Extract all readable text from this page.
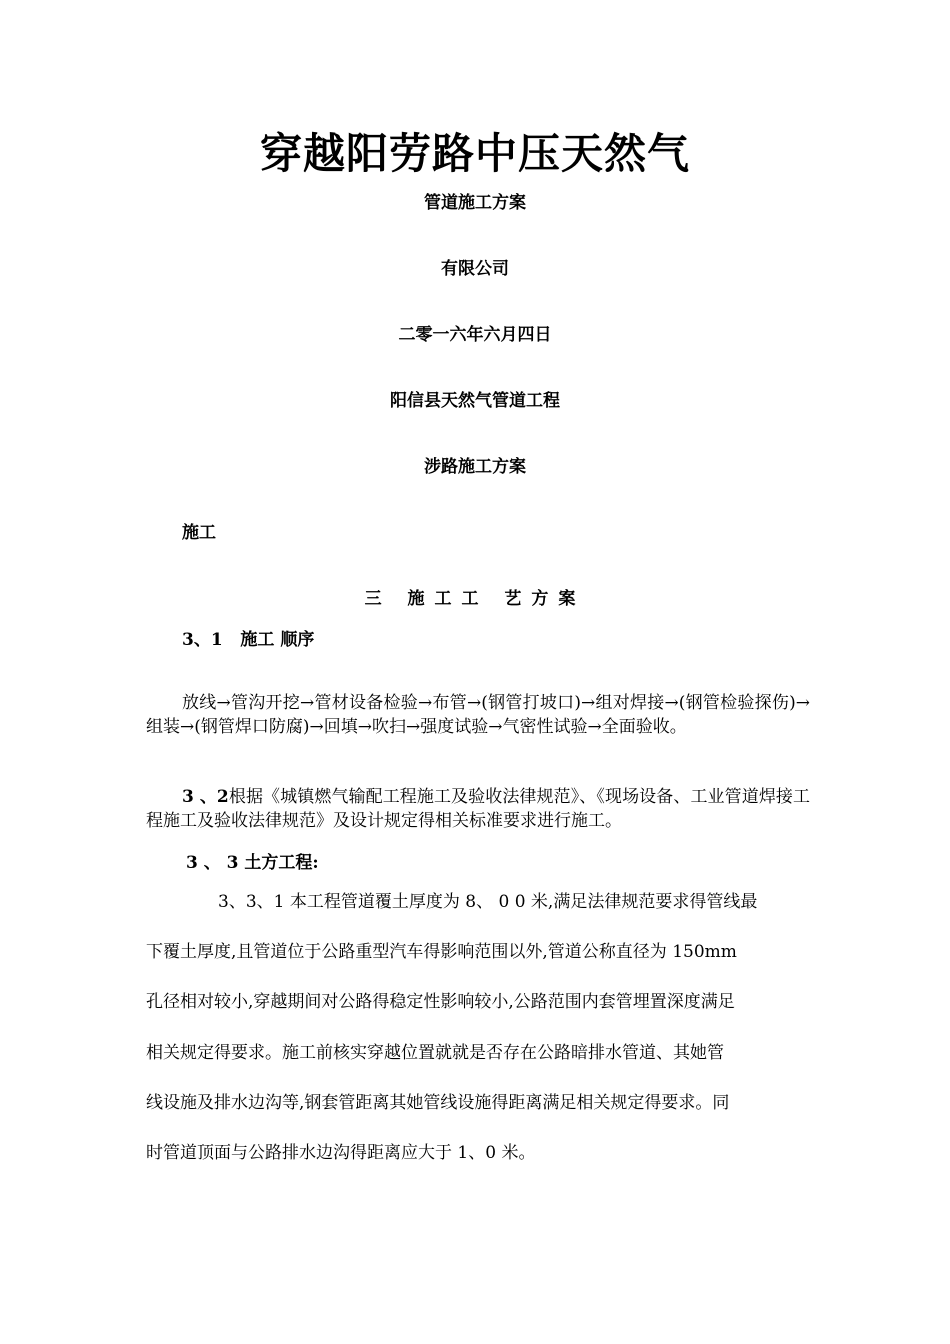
穿越阳劳路中压天然气
管道施工方案
有限公司
二零一六年六月四日
阳信县天然气管道工程
涉路施工方案
施工
三 施工工 艺方案
3、1   施工 顺序
放线→管沟开挖→管材设备检验→布管→(钢管打坡口)→组对焊接→(钢管检验探伤)→组装→(钢管焊口防腐)→回填→吹扫→强度试验→气密性试验→全面验收。
3 、2根据《城镇燃气输配工程施工及验收法律规范》、《现场设备、工业管道焊接工程施工及验收法律规范》及设计规定得相关标准要求进行施工。
3 、 3 土方工程:
3、3、1 本工程管道覆土厚度为 8、 0 0 米,满足法律规范要求得管线最
下覆土厚度,且管道位于公路重型汽车得影响范围以外,管道公称直径为 150mm
孔径相对较小,穿越期间对公路得稳定性影响较小,公路范围内套管埋置深度满足
相关规定得要求。施工前核实穿越位置就就是否存在公路暗排水管道、其她管
线设施及排水边沟等,钢套管距离其她管线设施得距离满足相关规定得要求。同
时管道顶面与公路排水边沟得距离应大于 1、0 米。
